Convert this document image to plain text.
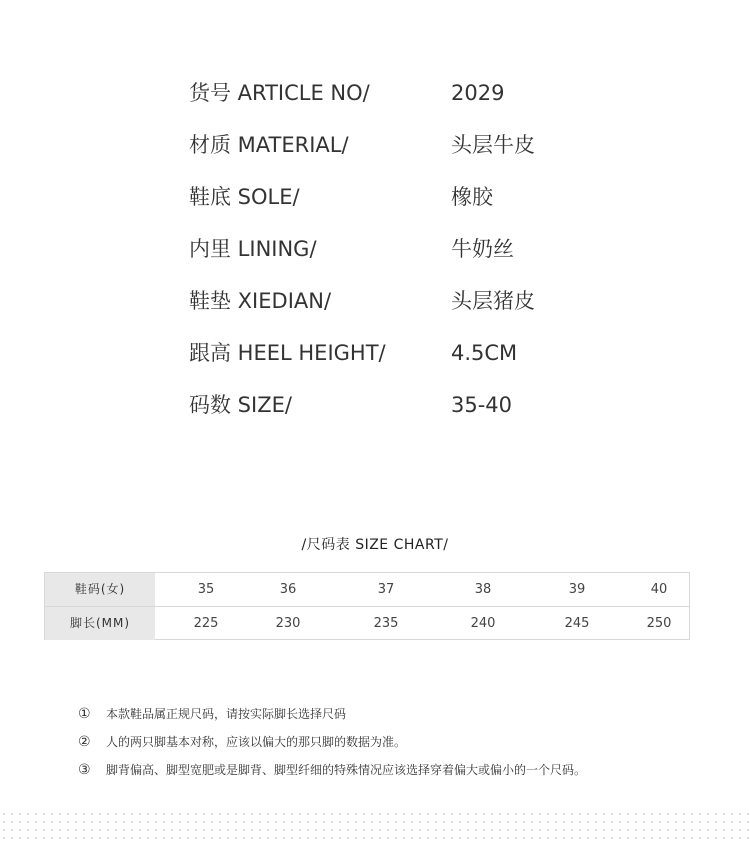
货号 ARTICLE NO/	2029
材质 MATERIAL/	头层牛皮
鞋底 SOLE/	橡胶
内里 LINING/	牛奶丝
鞋垫 XIEDIAN/	头层猪皮
跟高 HEEL HEIGHT/	4.5CM
码数 SIZE/	35-40
/尺码表 SIZE CHART/
鞋码(女)	35	36	37	38	39	40
脚长(MM)	225	230	235	240	245	250
① 本款鞋品属正规尺码，请按实际脚长选择尺码
② 人的两只脚基本对称，应该以偏大的那只脚的数据为准。
③ 脚背偏高、脚型宽肥或是脚背、脚型纤细的特殊情况应该选择穿着偏大或偏小的一个尺码。
